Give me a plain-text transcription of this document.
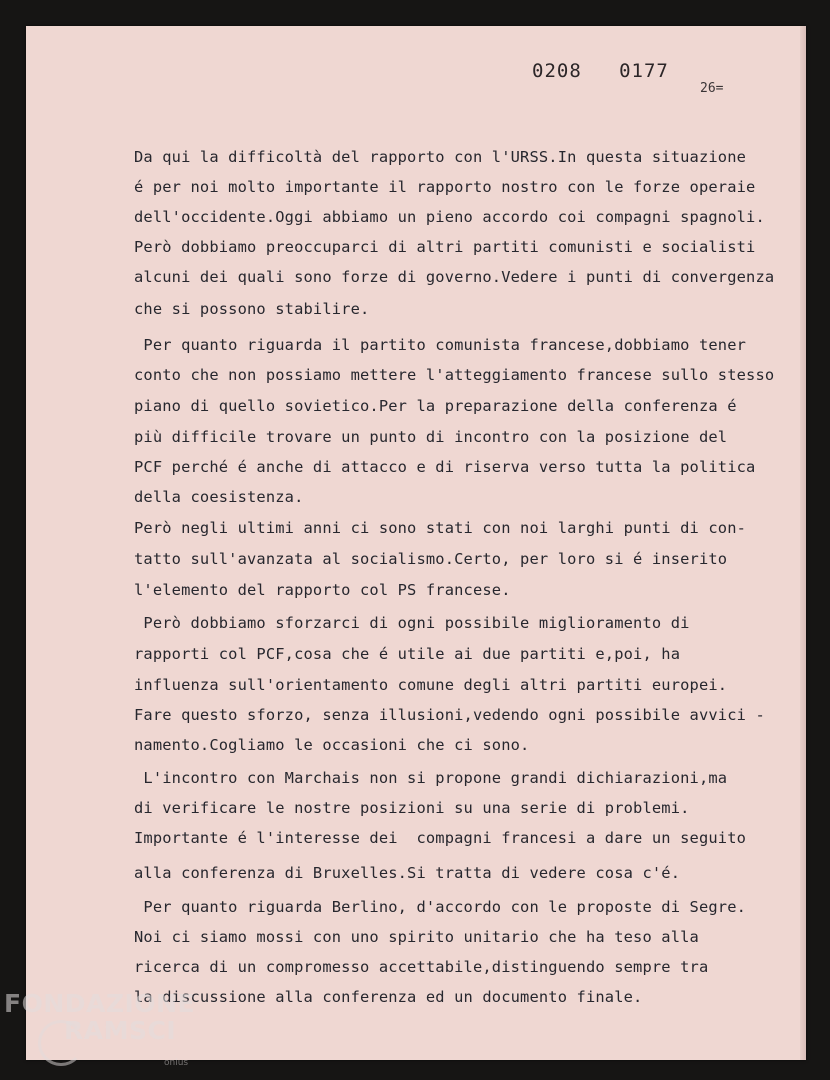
0208   0177

26=

Da qui la difficoltà del rapporto con l'URSS.In questa situazione

é per noi molto importante il rapporto nostro con le forze operaie

dell'occidente.Oggi abbiamo un pieno accordo coi compagni spagnoli.

Però dobbiamo preoccuparci di altri partiti comunisti e socialisti

alcuni dei quali sono forze di governo.Vedere i punti di convergenza

che si possono stabilire.

Per quanto riguarda il partito comunista francese,dobbiamo tener

conto che non possiamo mettere l'atteggiamento francese sullo stesso

piano di quello sovietico.Per la preparazione della conferenza é

più difficile trovare un punto di incontro con la posizione del

PCF perché é anche di attacco e di riserva verso tutta la politica

della coesistenza.

Però negli ultimi anni ci sono stati con noi larghi punti di con-

tatto sull'avanzata al socialismo.Certo, per loro si é inserito

l'elemento del rapporto col PS francese.

Però dobbiamo sforzarci di ogni possibile miglioramento di

rapporti col PCF,cosa che é utile ai due partiti e,poi, ha

influenza sull'orientamento comune degli altri partiti europei.

Fare questo sforzo, senza illusioni,vedendo ogni possibile avvici -

namento.Cogliamo le occasioni che ci sono.

L'incontro con Marchais non si propone grandi dichiarazioni,ma

di verificare le nostre posizioni su una serie di problemi.

Importante é l'interesse dei  compagni francesi a dare un seguito

alla conferenza di Bruxelles.Si tratta di vedere cosa c'é.

Per quanto riguarda Berlino, d'accordo con le proposte di Segre.

Noi ci siamo mossi con uno spirito unitario che ha teso alla

ricerca di un compromesso accettabile,distinguendo sempre tra

la discussione alla conferenza ed un documento finale.

FONDAZIONE
RAMSCI
onlus
